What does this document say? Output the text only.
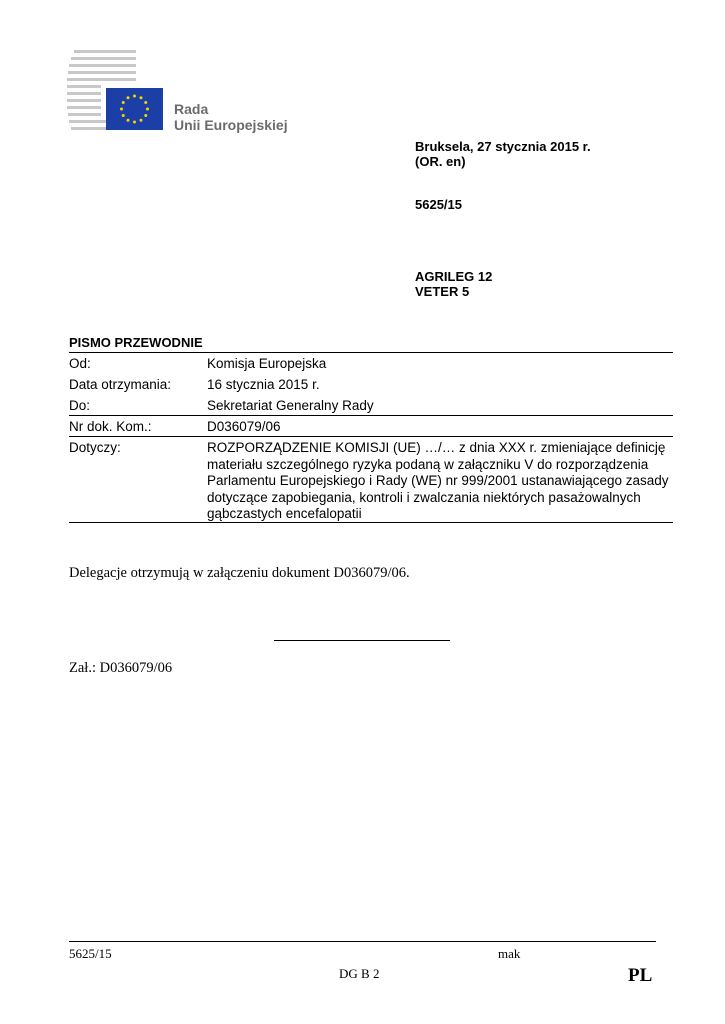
Rada
Unii Europejskiej
Bruksela, 27 stycznia 2015 r.
(OR. en)
5625/15
AGRILEG 12
VETER 5
PISMO PRZEWODNIE
Od:	Komisja Europejska
Data otrzymania:	16 stycznia 2015 r.
Do:	Sekretariat Generalny Rady
Nr dok. Kom.:	D036079/06
Dotyczy:	ROZPORZĄDZENIE KOMISJI (UE) …/… z dnia XXX r. zmieniające definicję materiału szczególnego ryzyka podaną w załączniku V do rozporządzenia Parlamentu Europejskiego i Rady (WE) nr 999/2001 ustanawiającego zasady dotyczące zapobiegania, kontroli i zwalczania niektórych pasażowalnych gąbczastych encefalopatii
Delegacje otrzymują w załączeniu dokument D036079/06.
Zał.: D036079/06
5625/15	mak
DG B 2	PL
